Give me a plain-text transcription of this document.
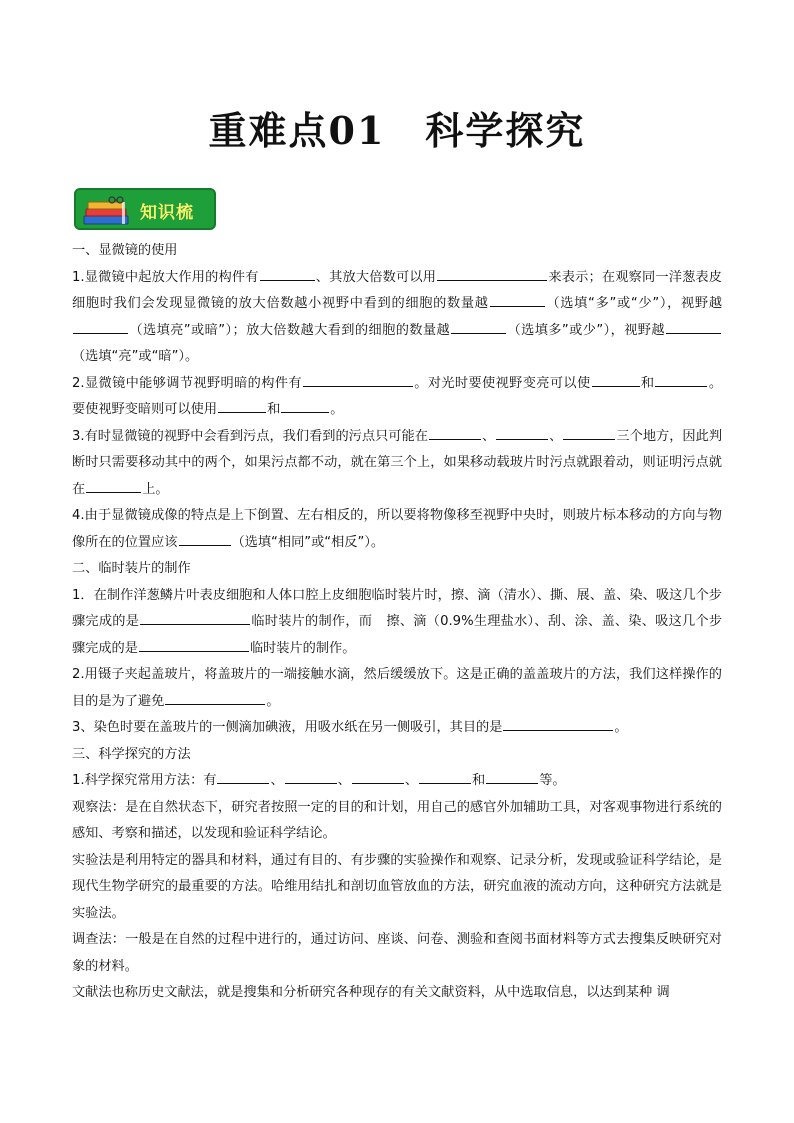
重难点01　科学探究
知识梳

一、显微镜的使用

1.显微镜中起放大作用的构件有	、其放大倍数可以用	来表示；在观察同一洋葱表皮细胞时我们会发现显微镜的放大倍数越小视野中看到的细胞的数量越	（选填“多”或“少”），视野越（选填亮”或暗”）；放大倍数越大看到的细胞的数量越	（选填多”或少”），视野越（选填“亮”或“暗”）。

2.显微镜中能够调节视野明暗的构件有	。对光时要使视野变亮可以使	和	。要使视野变暗则可以使用	和	。

3.有时显微镜的视野中会看到污点，我们看到的污点只可能在	、	、	三个地方，因此判断时只需要移动其中的两个，如果污点都不动，就在第三个上，如果移动载玻片时污点就跟着动，则证明污点就在	上。

4.由于显微镜成像的特点是上下倒置、左右相反的，所以要将物像移至视野中央时，则玻片标本移动的方向与物像所在的位置应该	（选填“相同”或“相反”）。

二、临时装片的制作

1．在制作洋葱鳞片叶表皮细胞和人体口腔上皮细胞临时装片时，擦、滴（清水）、撕、展、盖、染、吸这几个步骤完成的是	临时装片的制作，而 擦、滴（0.9%生理盐水）、刮、涂、盖、染、吸这几个步骤完成的是	临时装片的制作。

2.用镊子夹起盖玻片，将盖玻片的一端接触水滴，然后缓缓放下。这是正确的盖盖玻片的方法，我们这样操作的目的是为了避免	。

3、染色时要在盖玻片的一侧滴加碘液，用吸水纸在另一侧吸引，其目的是	。

三、科学探究的方法

1.科学探究常用方法：有	、	、	、	和	等。

观察法：是在自然状态下，研究者按照一定的目的和计划，用自己的感官外加辅助工具，对客观事物进行系统的感知、考察和描述，以发现和验证科学结论。

实验法是利用特定的器具和材料，通过有目的、有步骤的实验操作和观察、记录分析，发现或验证科学结论，是现代生物学研究的最重要的方法。哈维用结扎和剖切血管放血的方法，研究血液的流动方向，这种研究方法就是实验法。

调查法：一般是在自然的过程中进行的，通过访问、座谈、问卷、测验和查阅书面材料等方式去搜集反映研究对象的材料。

文献法也称历史文献法，就是搜集和分析研究各种现存的有关文献资料，从中选取信息，以达到某种 调
